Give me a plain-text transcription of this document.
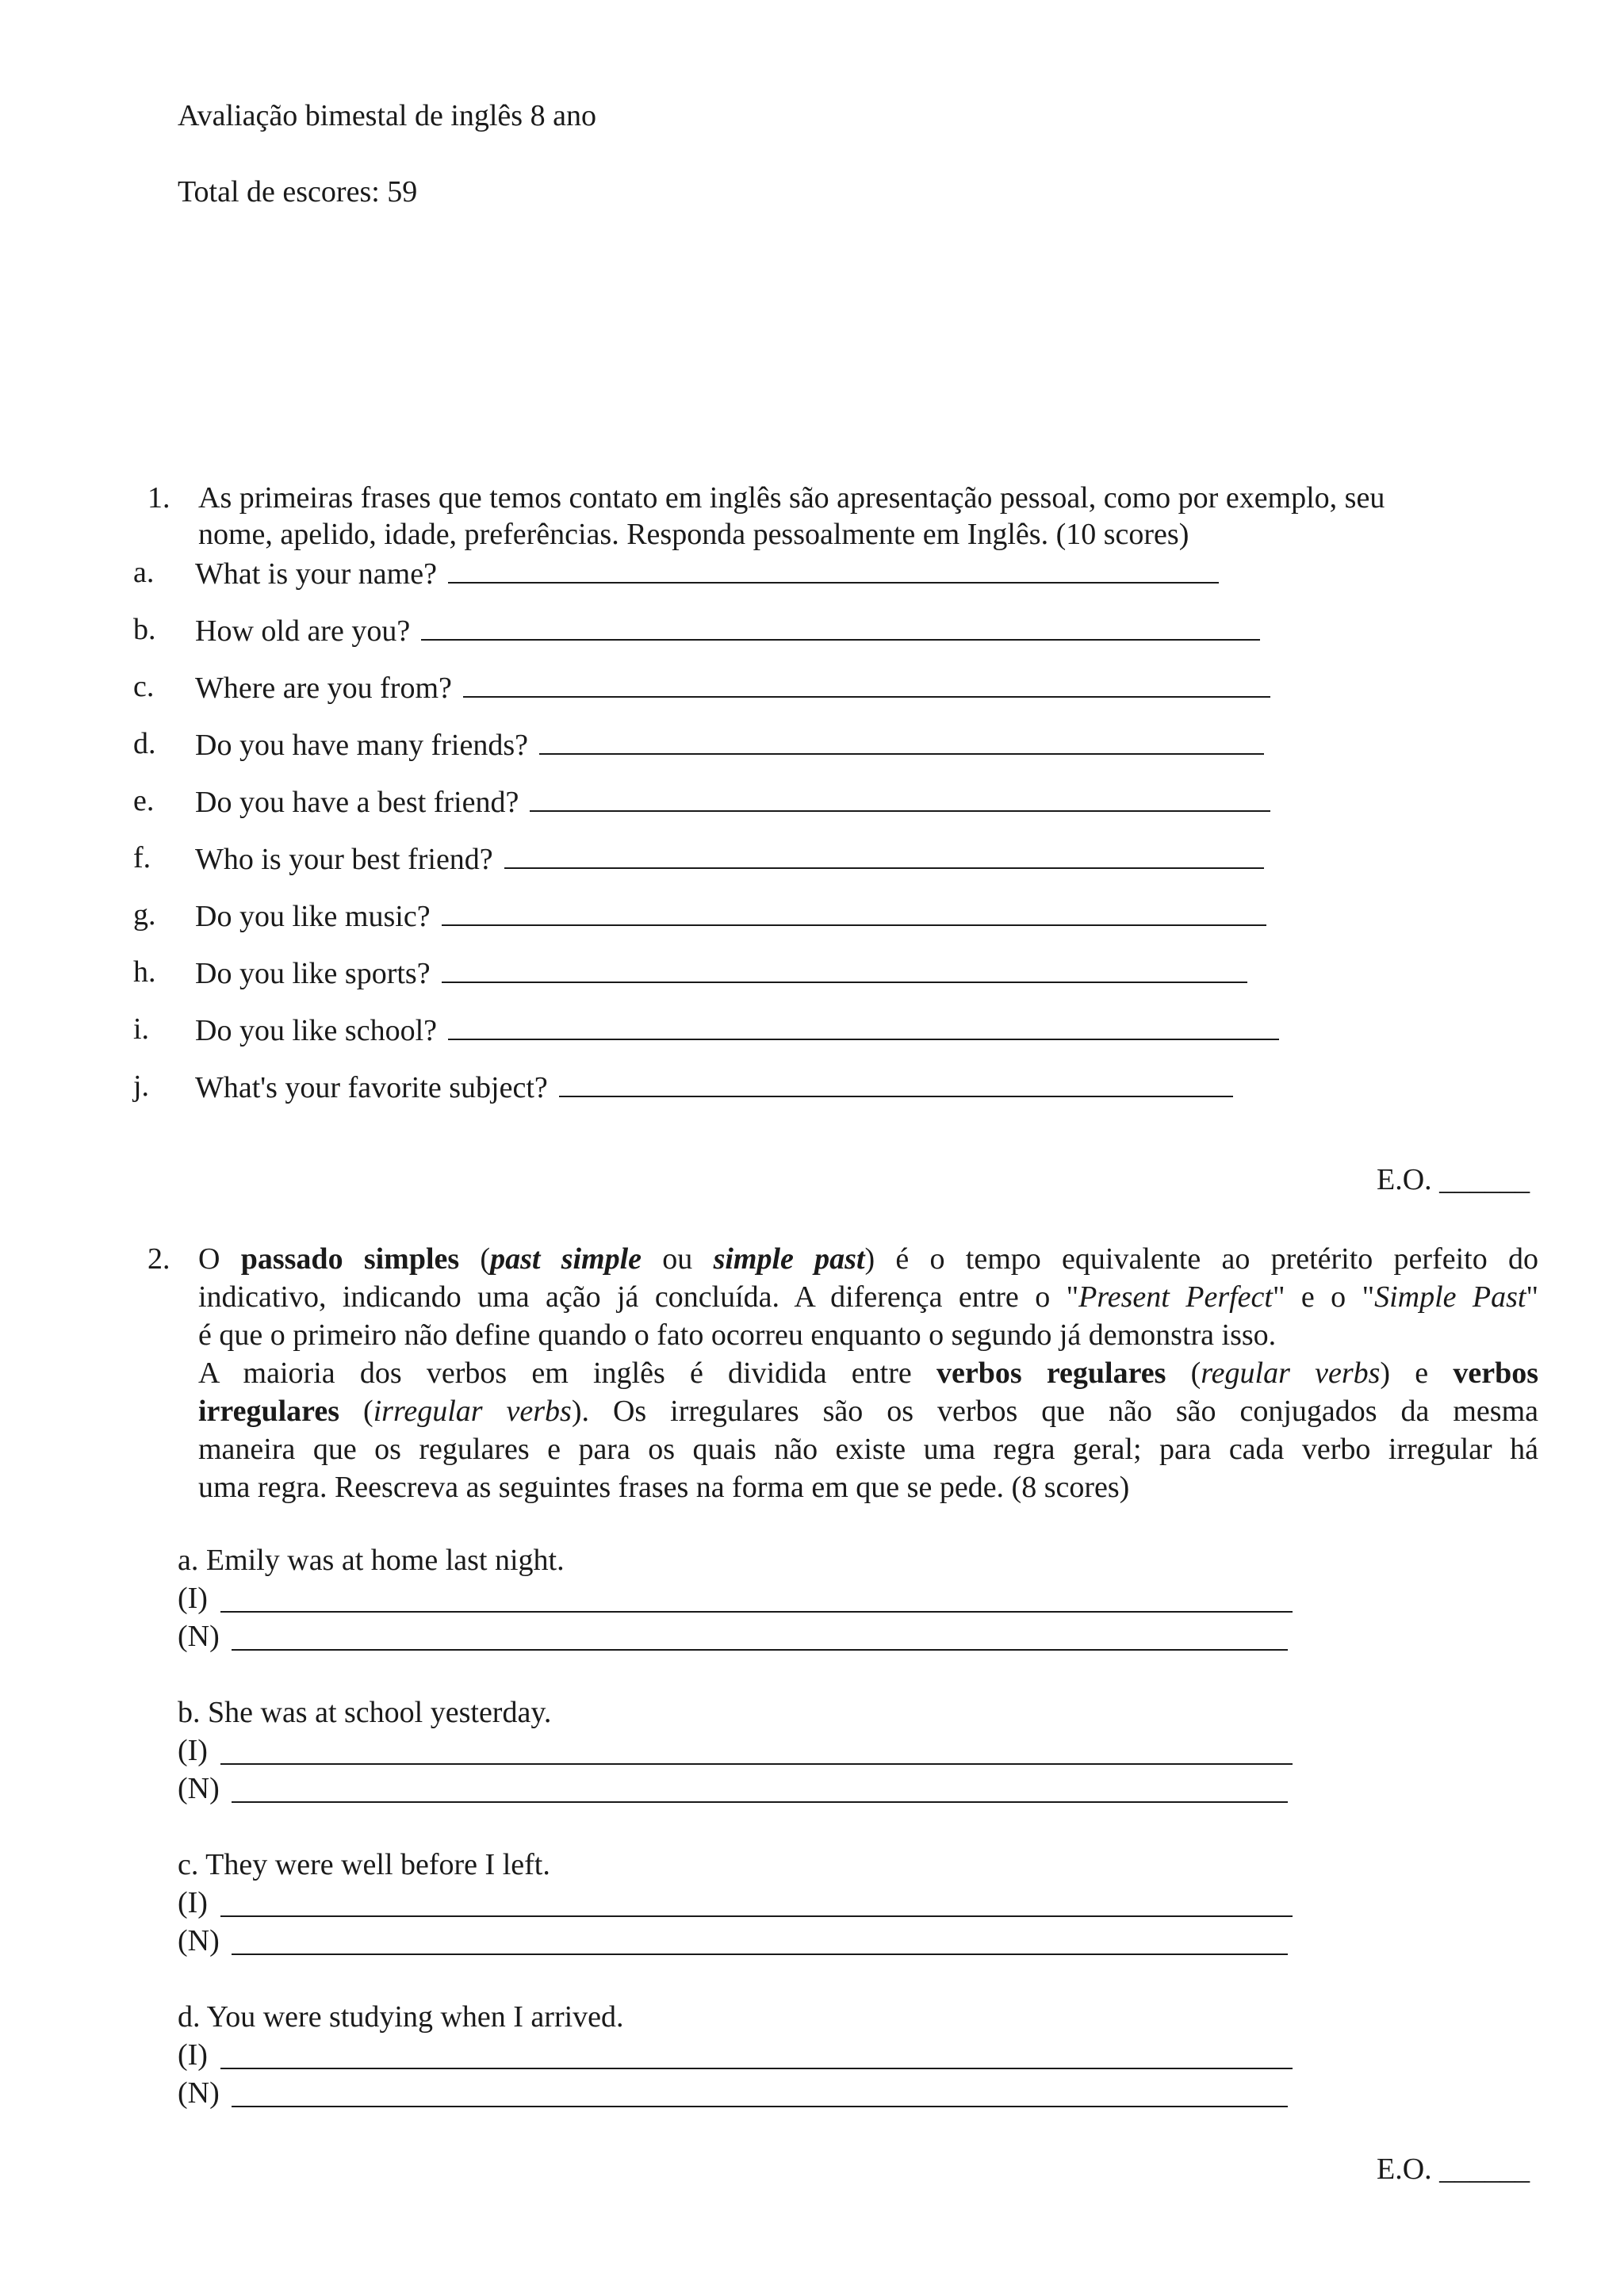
Avaliação bimestal de inglês 8 ano
Total de escores: 59
1. As primeiras frases que temos contato em inglês são apresentação pessoal, como por exemplo, seu
nome, apelido, idade, preferências. Responda pessoalmente em Inglês. (10 scores)
a.	What is your name?
b.	How old are you?
c.	Where are you from?
d.	Do you have many friends?
e.	Do you have a best friend?
f.	Who is your best friend?
g.	Do you like music?
h.	Do you like sports?
i.	Do you like school?
j.	What's your favorite subject?
E.O. ______
2. O passado simples (past simple ou simple past) é o tempo equivalente ao pretérito perfeito do
indicativo, indicando uma ação já concluída. A diferença entre o "Present Perfect" e o "Simple Past"
é que o primeiro não define quando o fato ocorreu enquanto o segundo já demonstra isso.
A maioria dos verbos em inglês é dividida entre verbos regulares (regular verbs) e verbos
irregulares (irregular verbs). Os irregulares são os verbos que não são conjugados da mesma
maneira que os regulares e para os quais não existe uma regra geral; para cada verbo irregular há
uma regra. Reescreva as seguintes frases na forma em que se pede. (8 scores)
a. Emily was at home last night.
(I)
(N)
b. She was at school yesterday.
(I)
(N)
c. They were well before I left.
(I)
(N)
d. You were studying when I arrived.
(I)
(N)
E.O. ______
